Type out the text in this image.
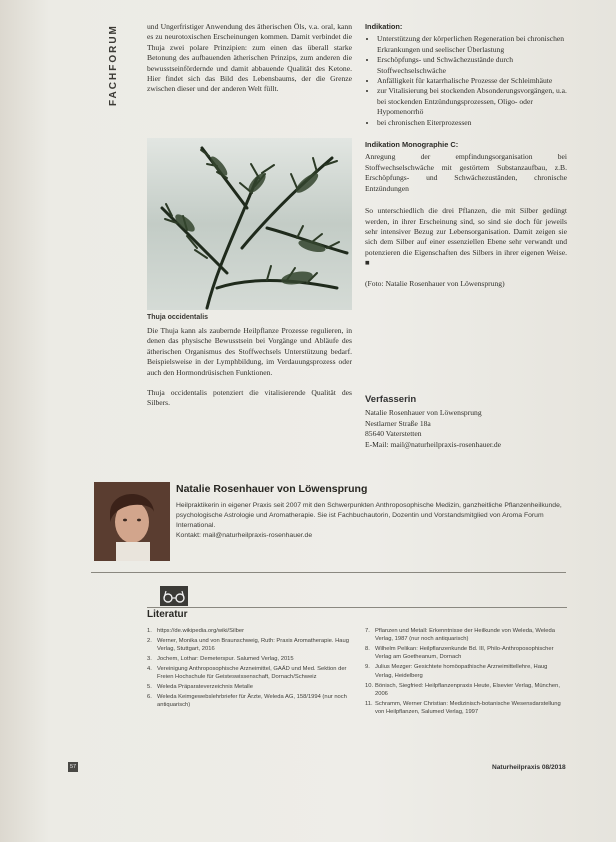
FACHFORUM	und Ungerfristiger Anwendung des ätherischen Öls, v.a. oral, kann es zu neurotoxischen Erscheinungen kommen. Damit verbindet die Thuja zwei polare Prinzipien: zum einen das überall starke Betonung des aufbauenden ätherischen Prinzips, zum anderen die bewusstseinfördernde und damit abbauende Qualität des Ketone. Hier findet sich das Bild des Lebensbaums, der die Grenze zwischen dieser und der anderen Welt füllt.

Thuja occidentalis

Die Thuja kann als zaubernde Heilpflanze Prozesse regulieren, in denen das physische Bewusstsein bei Vorgänge und Abläufe des ätherischen Organismus des Stoffwechsels Unterstützung bedarf. Beispielsweise in der Lymphbildung, im Verdauungsprozess oder auch den Hormondrüsischen Funktionen.

Thuja occidentalis potenziert die vitalisierende Qualität des Silbers.

Indikation:
• Unterstützung der körperlichen Regeneration bei chronischen Erkrankungen und seelischer Überlastung
• Erschöpfungs- und Schwächezustände durch Stoffwechselschwäche
• Anfälligkeit für katarrhalische Prozesse der Schleimhäute
• zur Vitalisierung bei stockenden Absonderungsvorgängen, u.a. bei stockenden Entzündungsprozessen, Oligo- oder Hypomenorrhö
• bei chronischen Eiterprozessen
Indikation Monographie C:

Anregung der empfindungsorganisation bei Stoffwechselschwäche mit gestörtem Substanzaufbau, z.B. Erschöpfungs- und Schwächezuständen, chronische Entzündungen

So unterschiedlich die drei Pflanzen, die mit Silber gedüngt werden, in ihrer Erscheinung sind, so sind sie doch für jeweils sehr intensiver Bezug zur Lebensorganisation. Damit zeigen sie sich dem Silber auf einer essenziellen Ebene sehr verwandt und potenzieren die Eigenschaften des Silbers in ihrer eigenen Weise. ■

(Foto: Natalie Rosenhauer von Löwensprung)

Verfasserin
Natalie Rosenhauer von Löwensprung
Nestlarner Straße 18a
85640 Vaterstetten
E-Mail: mail@naturheilpraxis-rosenhauer.de
Natalie Rosenhauer von Löwensprung
Heilpraktikerin in eigener Praxis seit 2007 mit den Schwerpunkten Anthroposophische Medizin, ganzheitliche Pflanzenheilkunde, psychologische Astrologie und Aromatherapie. Sie ist Fachbuchautorin, Dozentin und Vorstandsmitglied von Aroma Forum International.
Kontakt: mail@naturheilpraxis-rosenhauer.de
Literatur
1. https://de.wikipedia.org/wiki/Silber
2. Werner, Monika und von Braunschweig, Ruth: Praxis Aromatherapie. Haug Verlag, Stuttgart, 2016
3. Jochem, Lothar: Demeterspur. Salumed Verlag, 2015
4. Vereinigung Anthroposophische Arzneimittel, GAÄD und Med. Sektion der Freien Hochschule für Geisteswissenschaft, Dornach/Schweiz
5. Weleda Präparateverzeichnis Metalle
6. Weleda Keimgewebslehrbriefer für Ärzte, Weleda AG, 158/1994 (nur noch antiquarisch)
7. Pflanzen und Metall: Erkenntnisse der Heilkunde von Weleda, Weleda Verlag, 1987 (nur noch antiquarisch)
8. Wilhelm Pelikan: Heilpflanzenkunde Bd. III, Philo-Anthroposophischer Verlag am Goetheanum, Dornach
9. Julius Mezger: Gesichtete homöopathische Arzneimittellehre, Haug Verlag, Heidelberg
10. Bönisch, Siegfried: Heilpflanzenpraxis Heute, Elsevier Verlag, München, 2006
11. Schramm, Werner Christian: Medizinisch-botanische Wesensdarstellung von Heilpflanzen, Salumed Verlag, 1997
57	Naturheilpraxis 08/2018
